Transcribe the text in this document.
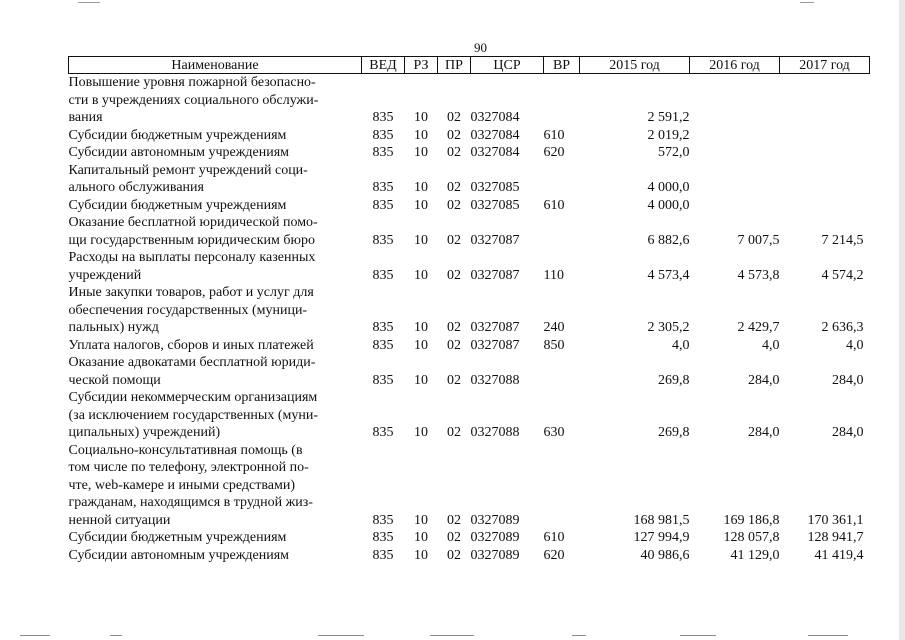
90
Наименование	ВЕД	РЗ	ПР	ЦСР	ВР	2015 год	2016 год	2017 год
Повышение уровня пожарной безопасно-
сти в учреждениях социального обслужи-
вания	835	10	02	0327084		2 591,2		
Субсидии бюджетным учреждениям	835	10	02	0327084	610	2 019,2		
Субсидии автономным учреждениям	835	10	02	0327084	620	572,0		
Капитальный ремонт учреждений соци-
ального обслуживания	835	10	02	0327085		4 000,0		
Субсидии бюджетным учреждениям	835	10	02	0327085	610	4 000,0		
Оказание бесплатной юридической помо-
щи государственным юридическим бюро	835	10	02	0327087		6 882,6	7 007,5	7 214,5
Расходы на выплаты персоналу казенных
учреждений	835	10	02	0327087	110	4 573,4	4 573,8	4 574,2
Иные закупки товаров, работ и услуг для
обеспечения государственных (муници-
пальных) нужд	835	10	02	0327087	240	2 305,2	2 429,7	2 636,3
Уплата налогов, сборов и иных платежей	835	10	02	0327087	850	4,0	4,0	4,0
Оказание адвокатами бесплатной юриди-
ческой помощи	835	10	02	0327088		269,8	284,0	284,0
Субсидии некоммерческим организациям
(за исключением государственных (муни-
ципальных) учреждений)	835	10	02	0327088	630	269,8	284,0	284,0
Социально-консультативная помощь (в
том числе по телефону, электронной по-
чте, web-камере и иными средствами)
гражданам, находящимся в трудной жиз-
ненной ситуации	835	10	02	0327089		168 981,5	169 186,8	170 361,1
Субсидии бюджетным учреждениям	835	10	02	0327089	610	127 994,9	128 057,8	128 941,7
Субсидии автономным учреждениям	835	10	02	0327089	620	40 986,6	41 129,0	41 419,4
